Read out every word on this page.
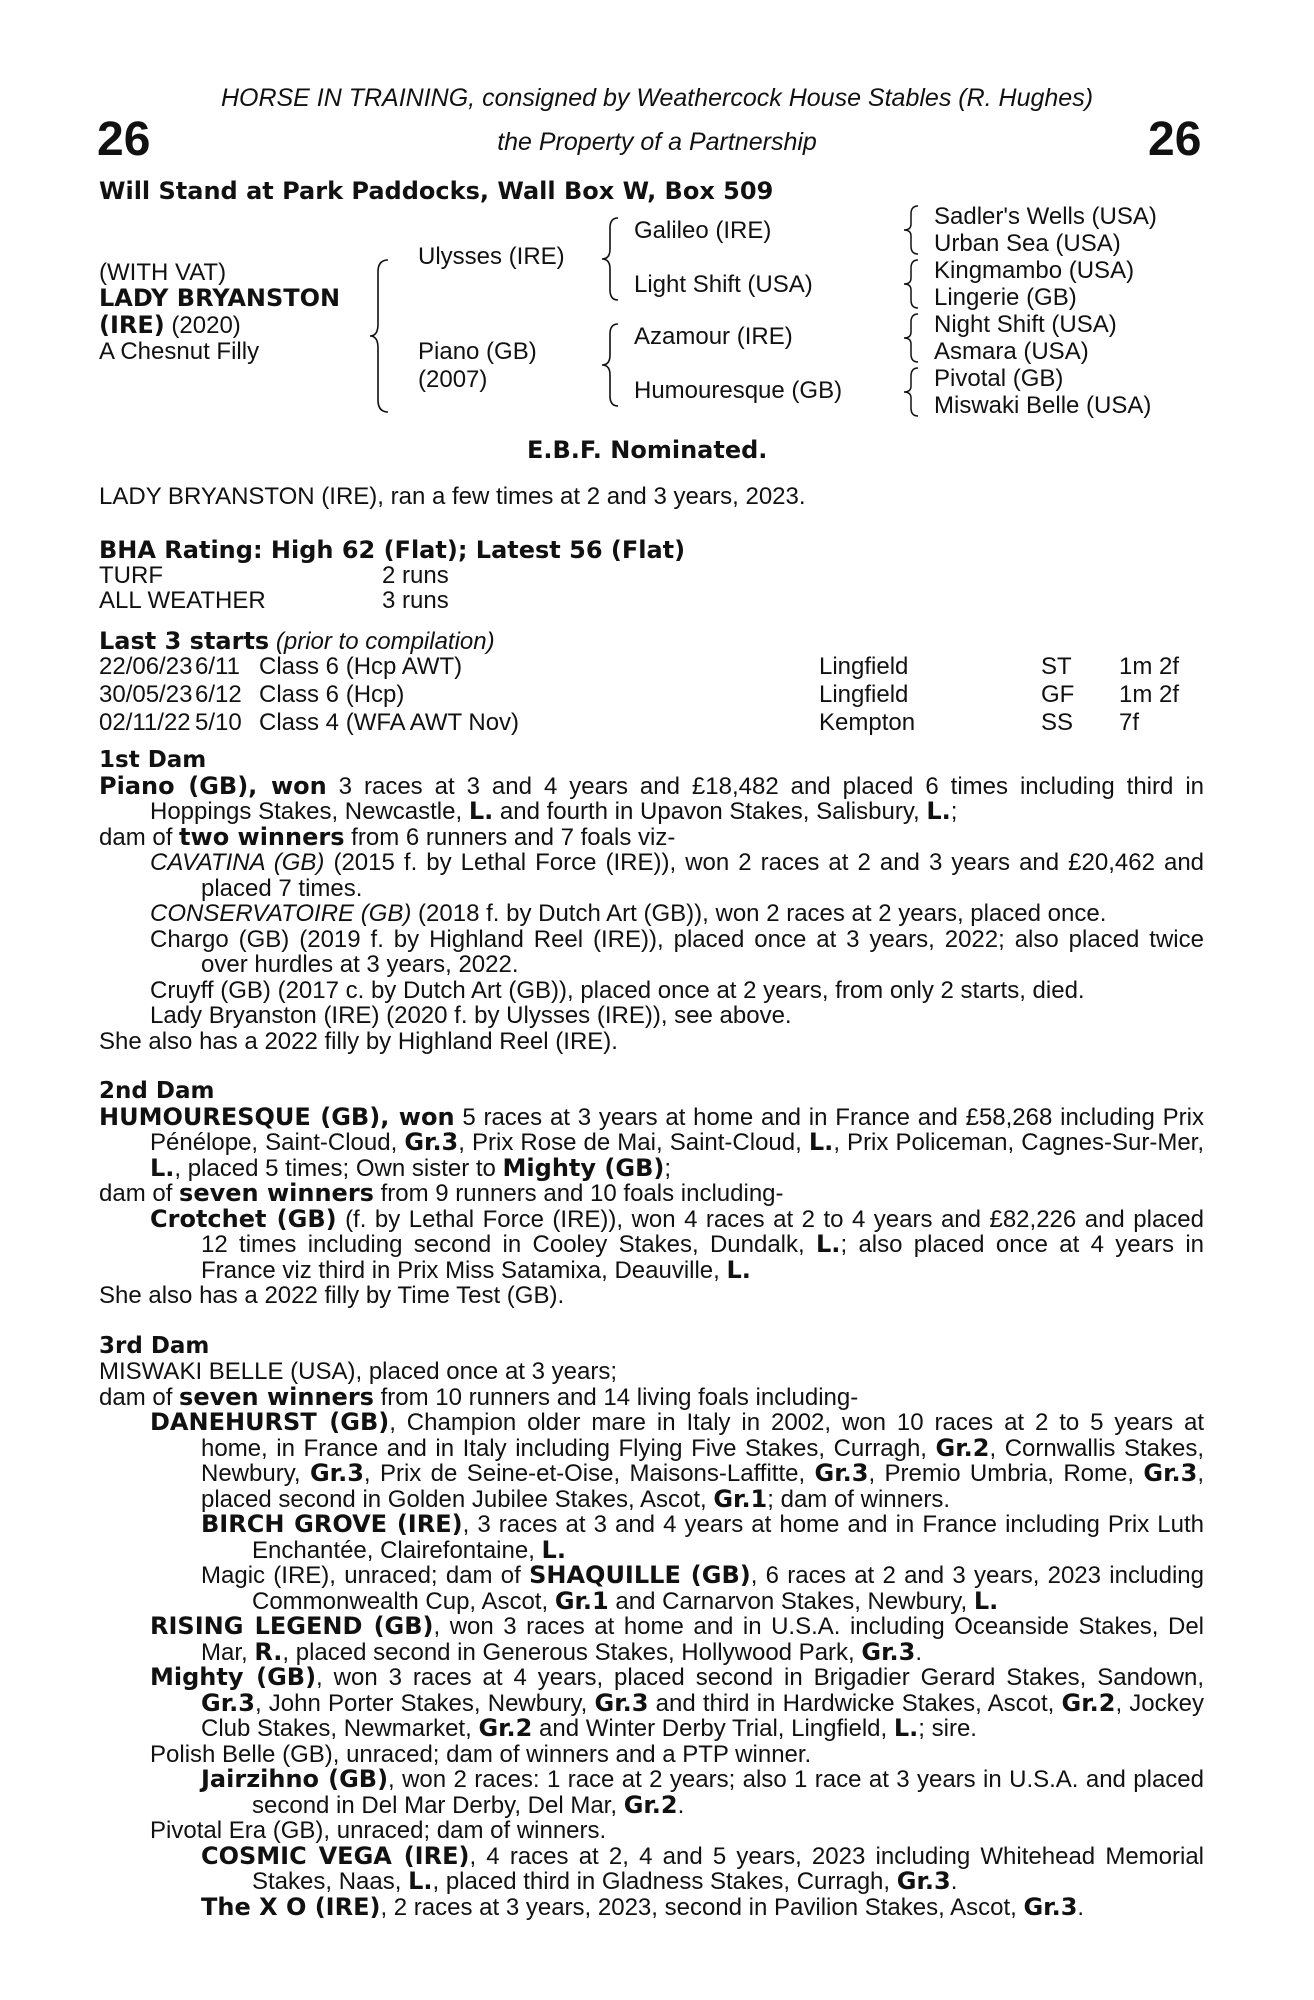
26	26
HORSE IN TRAINING, consigned by Weathercock House Stables (R. Hughes)
the Property of a Partnership
Will Stand at Park Paddocks, Wall Box W, Box 509
(WITH VAT)
LADY BRYANSTON
(IRE) (2020)
A Chesnut Filly
Ulysses (IRE)
Piano (GB)
(2007)
Galileo (IRE)
Light Shift (USA)
Azamour (IRE)
Humouresque (GB)
Sadler's Wells (USA)
Urban Sea (USA)
Kingmambo (USA)
Lingerie (GB)
Night Shift (USA)
Asmara (USA)
Pivotal (GB)
Miswaki Belle (USA)
E.B.F. Nominated.
LADY BRYANSTON (IRE), ran a few times at 2 and 3 years, 2023.
BHA Rating: High 62 (Flat); Latest 56 (Flat)
TURF	2 runs
ALL WEATHER	3 runs
Last 3 starts (prior to compilation)
22/06/23	6/11	Class 6 (Hcp AWT)	Lingfield	ST	1m 2f
30/05/23	6/12	Class 6 (Hcp)	Lingfield	GF	1m 2f
02/11/22	5/10	Class 4 (WFA AWT Nov)	Kempton	SS	7f
1st Dam
Piano (GB), won 3 races at 3 and 4 years and £18,482 and placed 6 times including third in Hoppings Stakes, Newcastle, L. and fourth in Upavon Stakes, Salisbury, L.;
dam of two winners from 6 runners and 7 foals viz-
CAVATINA (GB) (2015 f. by Lethal Force (IRE)), won 2 races at 2 and 3 years and £20,462 and placed 7 times.
CONSERVATOIRE (GB) (2018 f. by Dutch Art (GB)), won 2 races at 2 years, placed once.
Chargo (GB) (2019 f. by Highland Reel (IRE)), placed once at 3 years, 2022; also placed twice over hurdles at 3 years, 2022.
Cruyff (GB) (2017 c. by Dutch Art (GB)), placed once at 2 years, from only 2 starts, died.
Lady Bryanston (IRE) (2020 f. by Ulysses (IRE)), see above.
She also has a 2022 filly by Highland Reel (IRE).
2nd Dam
HUMOURESQUE (GB), won 5 races at 3 years at home and in France and £58,268 including Prix Pénélope, Saint-Cloud, Gr.3, Prix Rose de Mai, Saint-Cloud, L., Prix Policeman, Cagnes-Sur-Mer, L., placed 5 times; Own sister to Mighty (GB);
dam of seven winners from 9 runners and 10 foals including-
Crotchet (GB) (f. by Lethal Force (IRE)), won 4 races at 2 to 4 years and £82,226 and placed 12 times including second in Cooley Stakes, Dundalk, L.; also placed once at 4 years in France viz third in Prix Miss Satamixa, Deauville, L.
She also has a 2022 filly by Time Test (GB).
3rd Dam
MISWAKI BELLE (USA), placed once at 3 years;
dam of seven winners from 10 runners and 14 living foals including-
DANEHURST (GB), Champion older mare in Italy in 2002, won 10 races at 2 to 5 years at home, in France and in Italy including Flying Five Stakes, Curragh, Gr.2, Cornwallis Stakes, Newbury, Gr.3, Prix de Seine-et-Oise, Maisons-Laffitte, Gr.3, Premio Umbria, Rome, Gr.3, placed second in Golden Jubilee Stakes, Ascot, Gr.1; dam of winners.
BIRCH GROVE (IRE), 3 races at 3 and 4 years at home and in France including Prix Luth Enchantée, Clairefontaine, L.
Magic (IRE), unraced; dam of SHAQUILLE (GB), 6 races at 2 and 3 years, 2023 including Commonwealth Cup, Ascot, Gr.1 and Carnarvon Stakes, Newbury, L.
RISING LEGEND (GB), won 3 races at home and in U.S.A. including Oceanside Stakes, Del Mar, R., placed second in Generous Stakes, Hollywood Park, Gr.3.
Mighty (GB), won 3 races at 4 years, placed second in Brigadier Gerard Stakes, Sandown, Gr.3, John Porter Stakes, Newbury, Gr.3 and third in Hardwicke Stakes, Ascot, Gr.2, Jockey Club Stakes, Newmarket, Gr.2 and Winter Derby Trial, Lingfield, L.; sire.
Polish Belle (GB), unraced; dam of winners and a PTP winner.
Jairzihno (GB), won 2 races: 1 race at 2 years; also 1 race at 3 years in U.S.A. and placed second in Del Mar Derby, Del Mar, Gr.2.
Pivotal Era (GB), unraced; dam of winners.
COSMIC VEGA (IRE), 4 races at 2, 4 and 5 years, 2023 including Whitehead Memorial Stakes, Naas, L., placed third in Gladness Stakes, Curragh, Gr.3.
The X O (IRE), 2 races at 3 years, 2023, second in Pavilion Stakes, Ascot, Gr.3.
